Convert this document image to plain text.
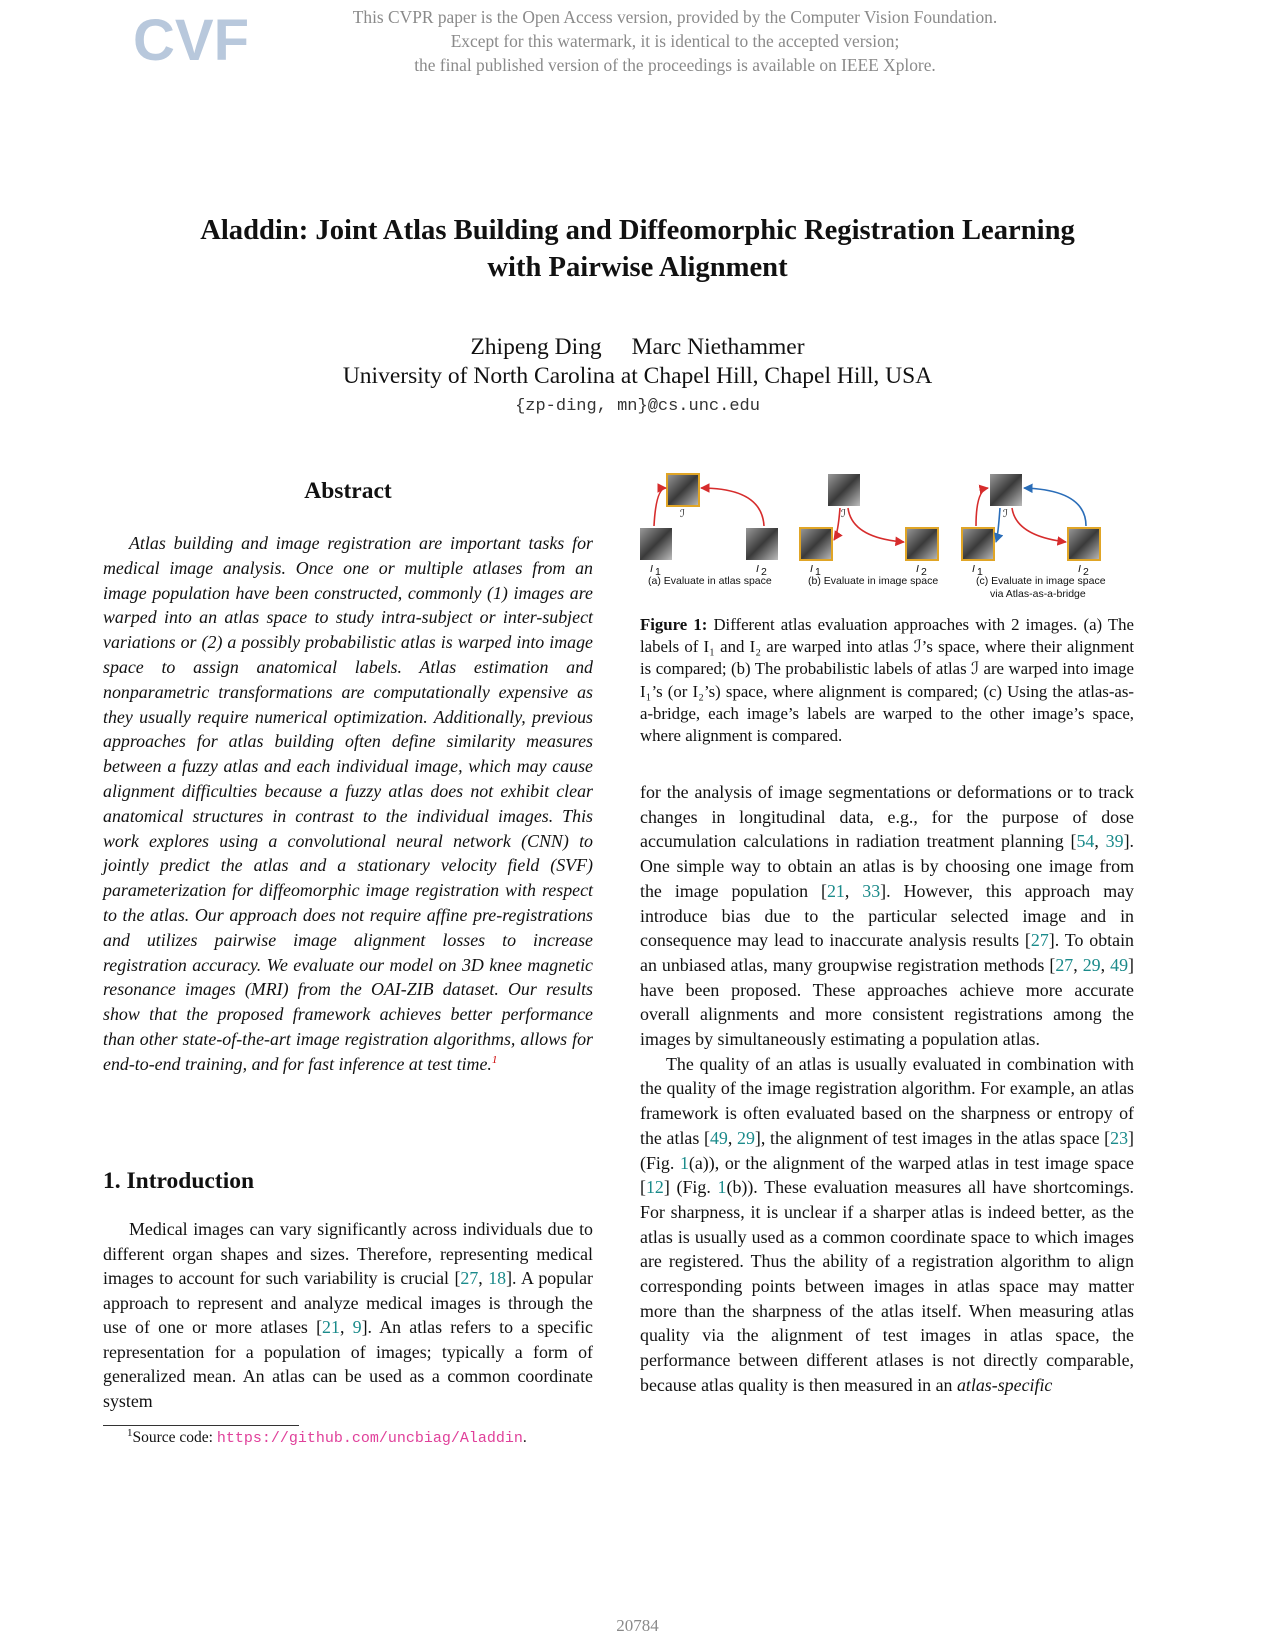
CVF	This CVPR paper is the Open Access version, provided by the Computer Vision Foundation.
Except for this watermark, it is identical to the accepted version;
the final published version of the proceedings is available on IEEE Xplore.
Aladdin: Joint Atlas Building and Diffeomorphic Registration Learning
with Pairwise Alignment
Zhipeng Ding Marc Niethammer
University of North Carolina at Chapel Hill, Chapel Hill, USA
{zp-ding, mn}@cs.unc.edu
Abstract
Atlas building and image registration are important tasks for medical image analysis. Once one or multiple atlases from an image population have been constructed, commonly (1) images are warped into an atlas space to study intra-subject or inter-subject variations or (2) a possibly probabilistic atlas is warped into image space to assign anatomical labels. Atlas estimation and nonparametric transformations are computationally expensive as they usually require numerical optimization. Additionally, previous approaches for atlas building often define similarity measures between a fuzzy atlas and each individual image, which may cause alignment difficulties because a fuzzy atlas does not exhibit clear anatomical structures in contrast to the individual images. This work explores using a convolutional neural network (CNN) to jointly predict the atlas and a stationary velocity field (SVF) parameterization for diffeomorphic image registration with respect to the atlas. Our approach does not require affine pre-registrations and utilizes pairwise image alignment losses to increase registration accuracy. We evaluate our model on 3D knee magnetic resonance images (MRI) from the OAI-ZIB dataset. Our results show that the proposed framework achieves better performance than other state-of-the-art image registration algorithms, allows for end-to-end training, and for fast inference at test time.$^1$
1. Introduction
Medical images can vary significantly across individuals due to different organ shapes and sizes. Therefore, representing medical images to account for such variability is crucial [27, 18]. A popular approach to represent and analyze medical images is through the use of one or more atlases [21, 9]. An atlas refers to a specific representation for a population of images; typically a form of generalized mean. An atlas can be used as a common coordinate system
$^1$Source code: https://github.com/uncbiag/Aladdin.
ℐ
I 1	I 2
(a) Evaluate in atlas space
ℐ
I 1	I 2
(b) Evaluate in image space
ℐ
I 1	I 2
(c) Evaluate in image space
via Atlas-as-a-bridge
Figure 1: Different atlas evaluation approaches with 2 images. (a) The labels of I₁ and I₂ are warped into atlas ℐ’s space, where their alignment is compared; (b) The probabilistic labels of atlas ℐ are warped into image I₁’s (or I₂’s) space, where alignment is compared; (c) Using the atlas-as-a-bridge, each image’s labels are warped to the other image’s space, where alignment is compared.

for the analysis of image segmentations or deformations or to track changes in longitudinal data, e.g., for the purpose of dose accumulation calculations in radiation treatment planning [54, 39]. One simple way to obtain an atlas is by choosing one image from the image population [21, 33]. However, this approach may introduce bias due to the particular selected image and in consequence may lead to inaccurate analysis results [27]. To obtain an unbiased atlas, many groupwise registration methods [27, 29, 49] have been proposed. These approaches achieve more accurate overall alignments and more consistent registrations among the images by simultaneously estimating a population atlas.

The quality of an atlas is usually evaluated in combination with the quality of the image registration algorithm. For example, an atlas framework is often evaluated based on the sharpness or entropy of the atlas [49, 29], the alignment of test images in the atlas space [23] (Fig. 1(a)), or the alignment of the warped atlas in test image space [12] (Fig. 1(b)). These evaluation measures all have shortcomings. For sharpness, it is unclear if a sharper atlas is indeed better, as the atlas is usually used as a common coordinate space to which images are registered. Thus the ability of a registration algorithm to align corresponding points between images in atlas space may matter more than the sharpness of the atlas itself. When measuring atlas quality via the alignment of test images in atlas space, the performance between different atlases is not directly comparable, because atlas quality is then measured in an atlas-specific

20784
